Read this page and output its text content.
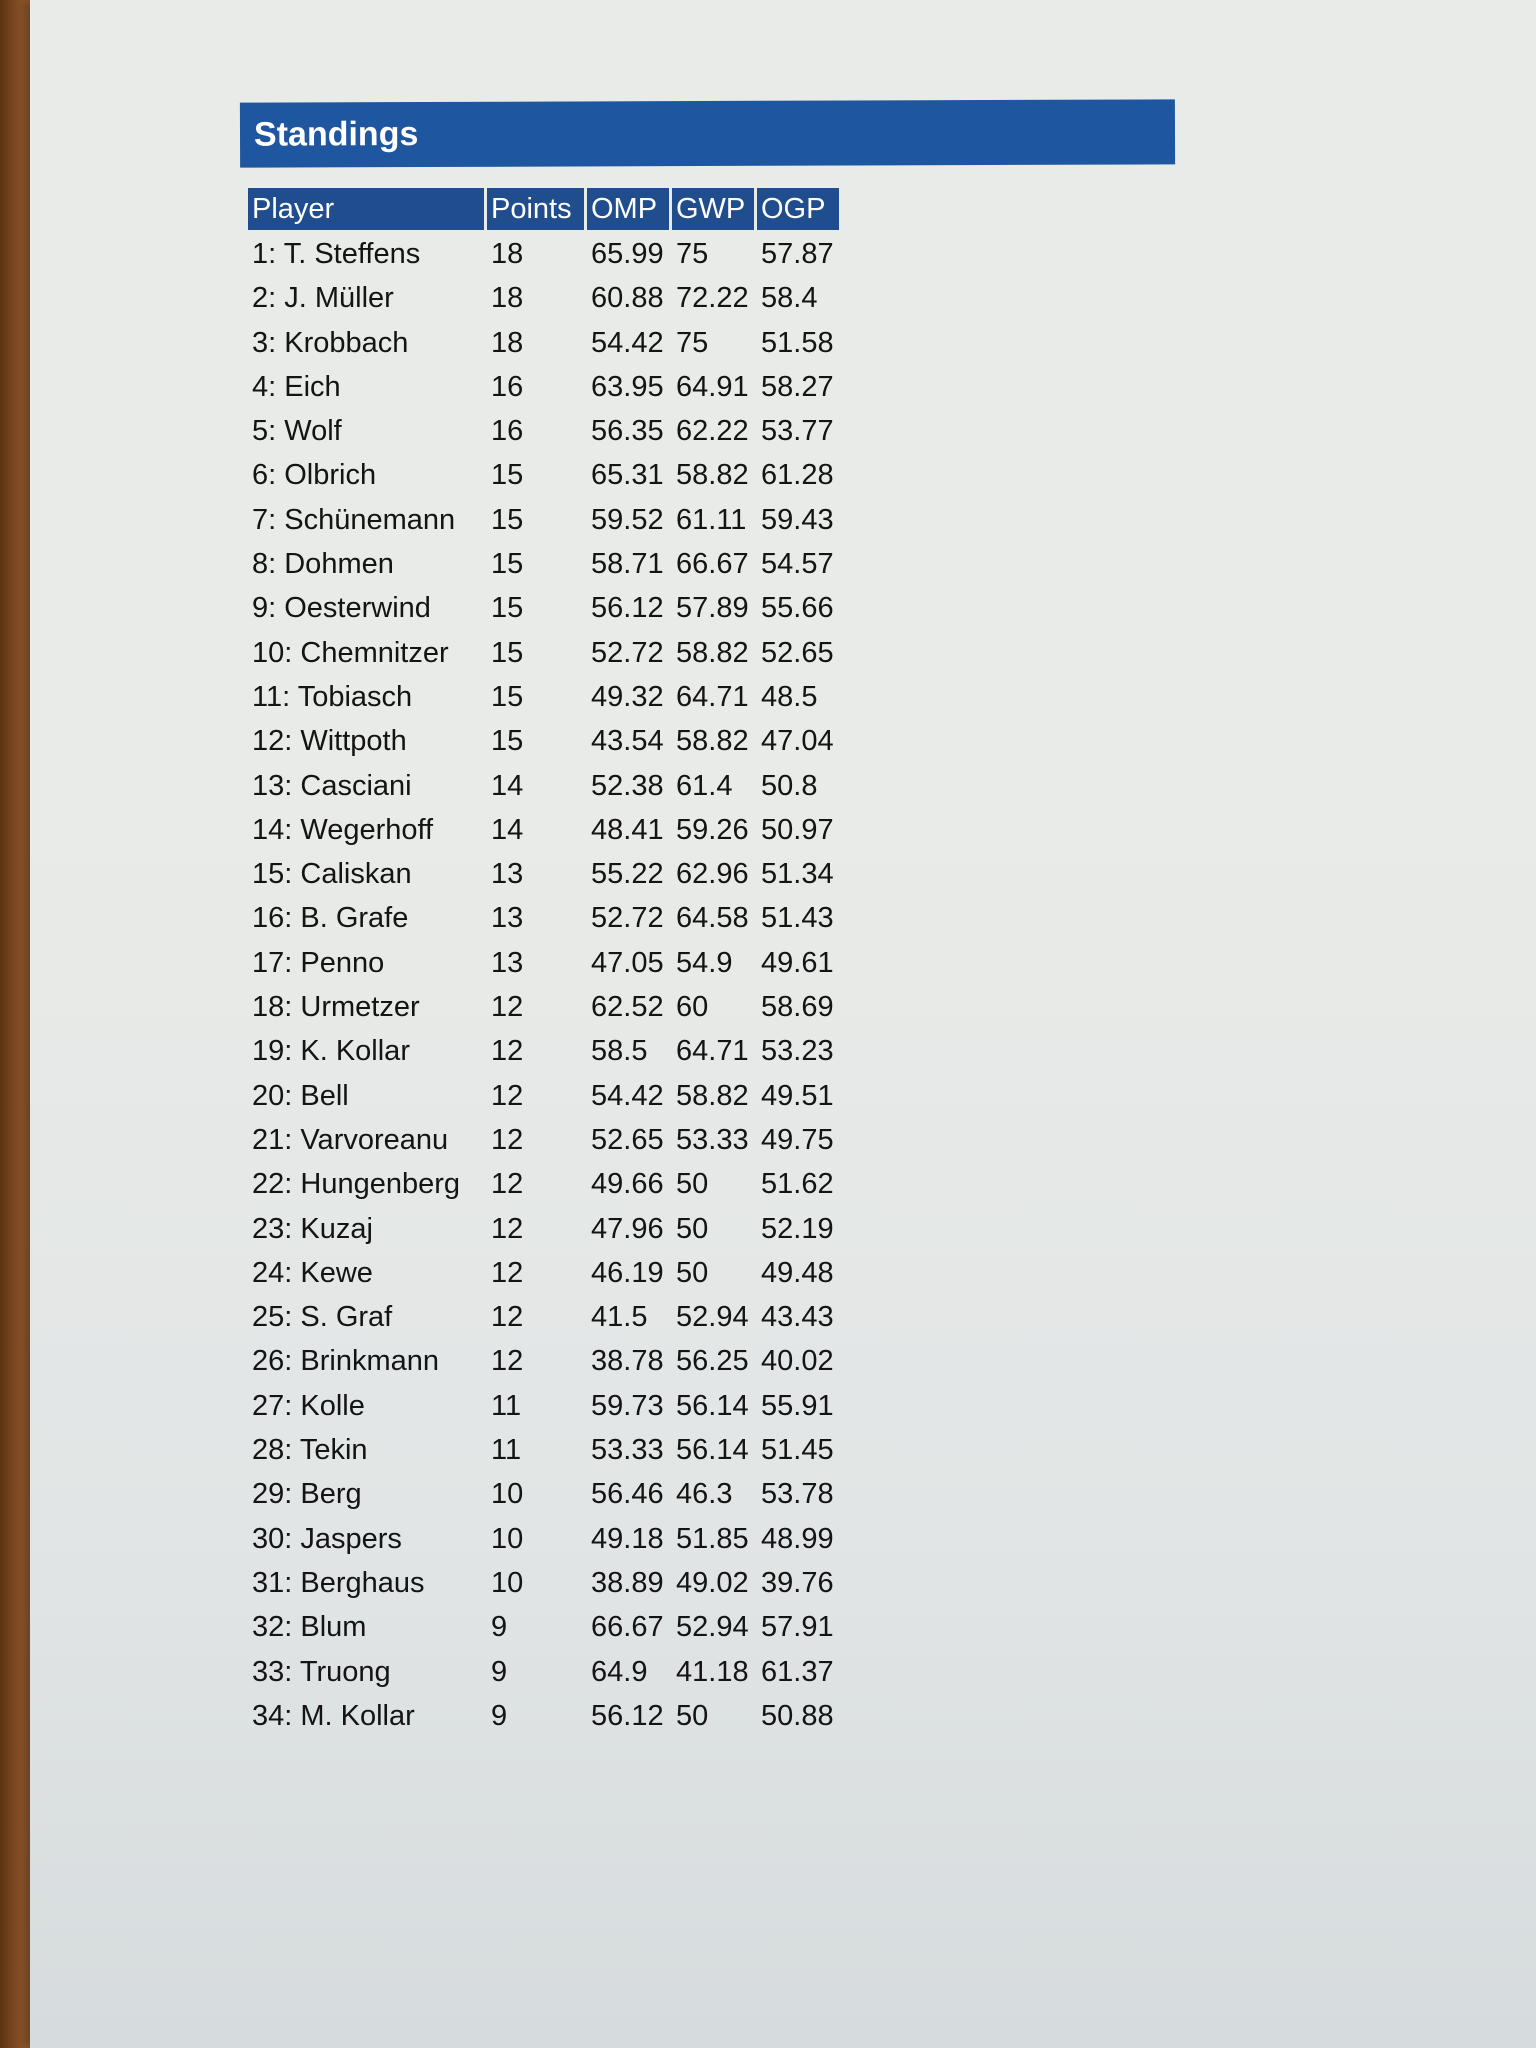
Standings
Player	Points OMP GWP OGP
1: T. Steffens	18	65.99 75	57.87
2: J. Müller	18	60.88 72.22 58.4
3: Krobbach	18	54.42 75	51.58
4: Eich	16	63.95 64.91 58.27
5: Wolf	16	56.35 62.22 53.77
6: Olbrich	15	65.31 58.82 61.28
7: Schünemann	15	59.52 61.11 59.43
8: Dohmen	15	58.71 66.67 54.57
9: Oesterwind	15	56.12 57.89 55.66
10: Chemnitzer	15	52.72 58.82 52.65
11: Tobiasch	15	49.32 64.71 48.5
12: Wittpoth	15	43.54 58.82 47.04
13: Casciani	14	52.38 61.4 50.8
14: Wegerhoff	14	48.41 59.26 50.97
15: Caliskan	13	55.22 62.96 51.34
16: B. Grafe	13	52.72 64.58 51.43
17: Penno	13	47.05 54.9 49.61
18: Urmetzer	12	62.52 60	58.69
19: K. Kollar	12	58.5 64.71 53.23
20: Bell	12	54.42 58.82 49.51
21: Varvoreanu	12	52.65 53.33 49.75
22: Hungenberg	12	49.66 50	51.62
23: Kuzaj	12	47.96 50	52.19
24: Kewe	12	46.19 50	49.48
25: S. Graf	12	41.5 52.94 43.43
26: Brinkmann	12	38.78 56.25 40.02
27: Kolle	11	59.73 56.14 55.91
28: Tekin	11	53.33 56.14 51.45
29: Berg	10	56.46 46.3 53.78
30: Jaspers	10	49.18 51.85 48.99
31: Berghaus	10	38.89 49.02 39.76
32: Blum	9	66.67 52.94 57.91
33: Truong	9	64.9 41.18 61.37
34: M. Kollar	9	56.12 50	50.88
